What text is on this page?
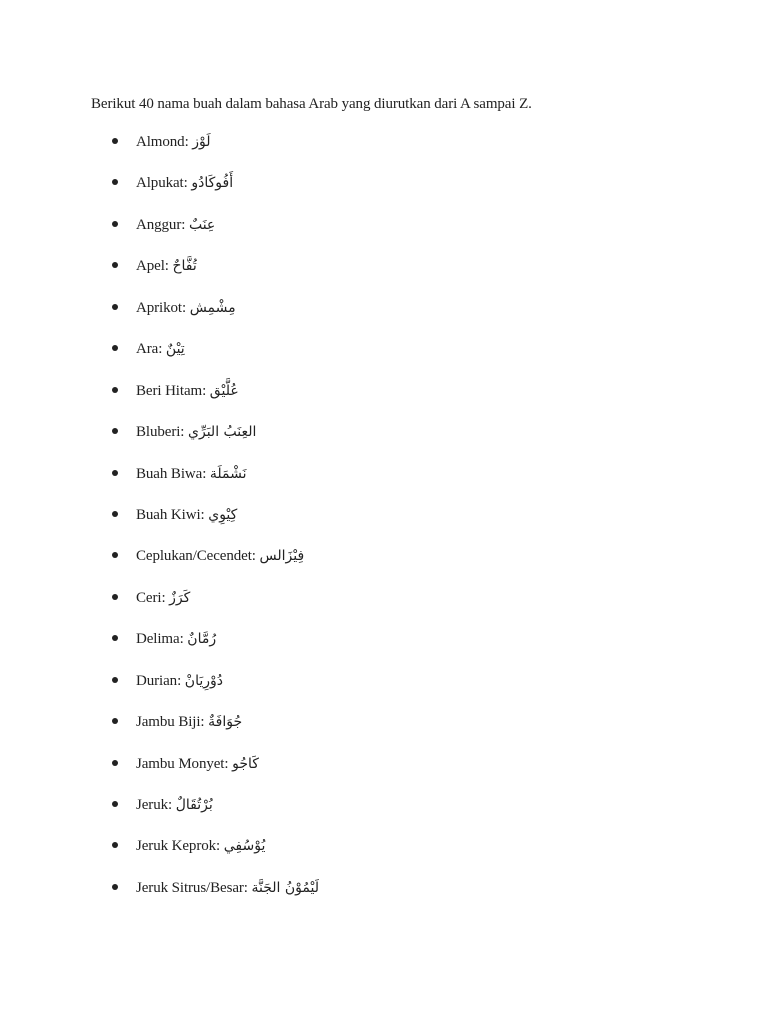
Berikut 40 nama buah dalam bahasa Arab yang diurutkan dari A sampai Z.
Almond: لَوْز
Alpukat: أَفُوكَادُو
Anggur: عِنَبٌ
Apel: تُفَّاحٌ
Aprikot: مِشْمِش
Ara: تِيْنٌ
Beri Hitam: عُلَّيْق
Bluberi: العِنَبُ البَرِّي
Buah Biwa: نَشْمَلَة
Buah Kiwi: كِيْوِي
Ceplukan/Cecendet: فِيْزَالس
Ceri: كَرَزٌ
Delima: رُمَّانٌ
Durian: دُوْرِيَانْ
Jambu Biji: جُوَافَةٌ
Jambu Monyet: كَاجُو
Jeruk: بُرْتُقَالٌ
Jeruk Keprok: يُوْسُفِي
Jeruk Sitrus/Besar: لَيْمُوْنُ الجَنَّة
